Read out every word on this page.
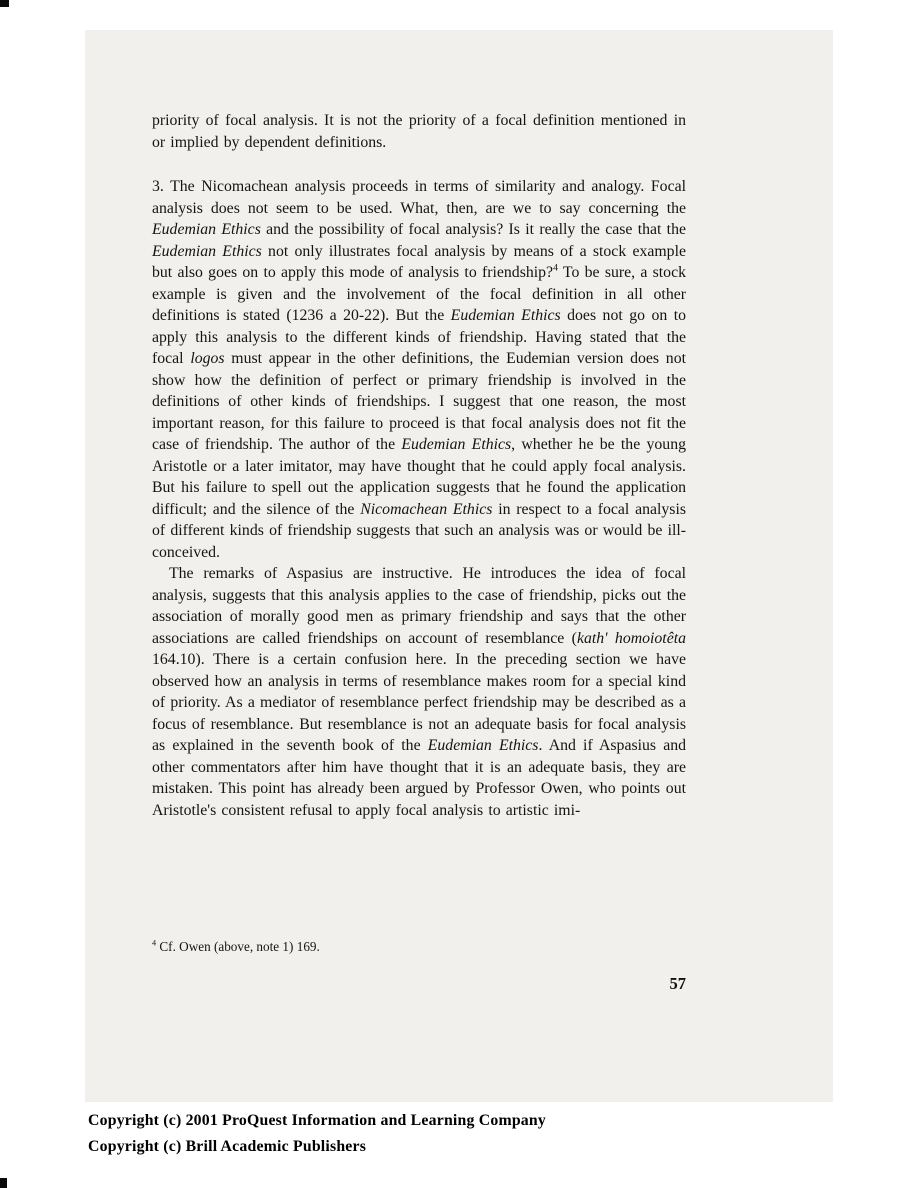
priority of focal analysis. It is not the priority of a focal definition mentioned in or implied by dependent definitions.

3. The Nicomachean analysis proceeds in terms of similarity and analogy. Focal analysis does not seem to be used. What, then, are we to say concerning the Eudemian Ethics and the possibility of focal analysis? Is it really the case that the Eudemian Ethics not only illustrates focal analysis by means of a stock example but also goes on to apply this mode of analysis to friendship?$^4$ To be sure, a stock example is given and the involvement of the focal definition in all other definitions is stated (1236 a 20-22). But the Eudemian Ethics does not go on to apply this analysis to the different kinds of friendship. Having stated that the focal logos must appear in the other definitions, the Eudemian version does not show how the definition of perfect or primary friendship is involved in the definitions of other kinds of friendships. I suggest that one reason, the most important reason, for this failure to proceed is that focal analysis does not fit the case of friendship. The author of the Eudemian Ethics, whether he be the young Aristotle or a later imitator, may have thought that he could apply focal analysis. But his failure to spell out the application suggests that he found the application difficult; and the silence of the Nicomachean Ethics in respect to a focal analysis of different kinds of friendship suggests that such an analysis was or would be ill-conceived.

The remarks of Aspasius are instructive. He introduces the idea of focal analysis, suggests that this analysis applies to the case of friendship, picks out the association of morally good men as primary friendship and says that the other associations are called friendships on account of resemblance (kath' homoiotêta 164.10). There is a certain confusion here. In the preceding section we have observed how an analysis in terms of resemblance makes room for a special kind of priority. As a mediator of resemblance perfect friendship may be described as a focus of resemblance. But resemblance is not an adequate basis for focal analysis as explained in the seventh book of the Eudemian Ethics. And if Aspasius and other commentators after him have thought that it is an adequate basis, they are mistaken. This point has already been argued by Professor Owen, who points out Aristotle's consistent refusal to apply focal analysis to artistic imi-

$^4$ Cf. Owen (above, note 1) 169.
57
Copyright (c) 2001 ProQuest Information and Learning Company
Copyright (c) Brill Academic Publishers
